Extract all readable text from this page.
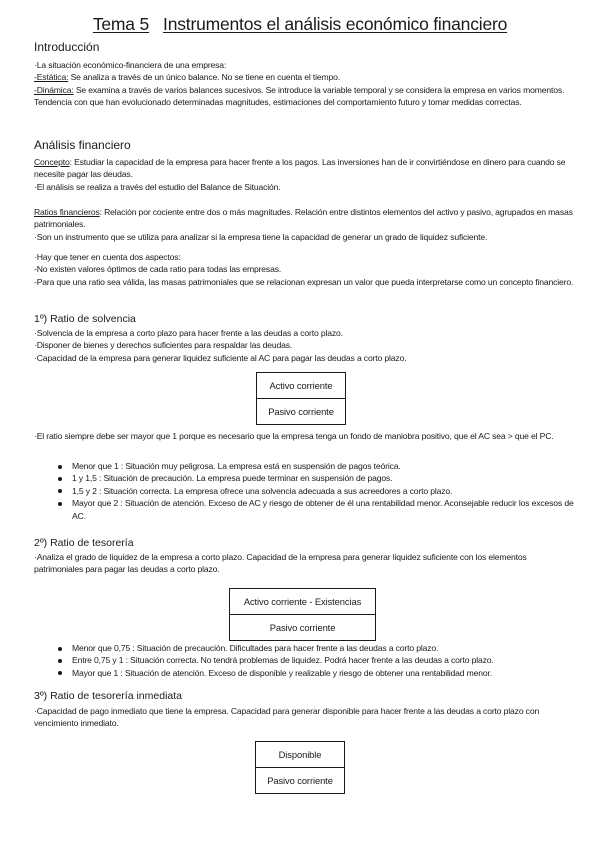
Tema 5 Instrumentos el análisis económico financiero
Introducción
·La situación económico-financiera de una empresa:
-Estática: Se analiza a través de un único balance. No se tiene en cuenta el tiempo.
-Dinámica: Se examina a través de varios balances sucesivos. Se introduce la variable temporal y se considera la empresa en varios momentos. Tendencia con que han evolucionado determinadas magnitudes, estimaciones del comportamiento futuro y tomar medidas correctas.
Análisis financiero
Concepto: Estudiar la capacidad de la empresa para hacer frente a los pagos. Las inversiones han de ir convirtiéndose en dinero para cuando se necesite pagar las deudas.
·El análisis se realiza a través del estudio del Balance de Situación.
Ratios financieros: Relación por cociente entre dos o más magnitudes. Relación entre distintos elementos del activo y pasivo, agrupados en masas patrimoniales.
·Son un instrumento que se utiliza para analizar si la empresa tiene la capacidad de generar un grado de liquidez suficiente.
·Hay que tener en cuenta dos aspectos:
-No existen valores óptimos de cada ratio para todas las empresas.
-Para que una ratio sea válida, las masas patrimoniales que se relacionan expresan un valor que pueda interpretarse como un concepto financiero.
1º) Ratio de solvencia
·Solvencia de la empresa a corto plazo para hacer frente a las deudas a corto plazo.
·Disponer de bienes y derechos suficientes para respaldar las deudas.
·Capacidad de la empresa para generar liquidez suficiente al AC para pagar las deudas a corto plazo.
Activo corriente
Pasivo corriente
·El ratio siempre debe ser mayor que 1 porque es necesario que la empresa tenga un fondo de maniobra positivo, que el AC sea > que el PC.
Menor que 1 : Situación muy peligrosa. La empresa está en suspensión de pagos teórica.
1 y 1,5 : Situación de precaución. La empresa puede terminar en suspensión de pagos.
1,5 y 2 : Situación correcta. La empresa ofrece una solvencia adecuada a sus acreedores a corto plazo.
Mayor que 2 : Situación de atención. Exceso de AC y riesgo de obtener de él una rentabilidad menor. Aconsejable reducir los excesos de AC.
2º) Ratio de tesorería
·Analiza el grado de liquidez de la empresa a corto plazo. Capacidad de la empresa para generar liquidez suficiente con los elementos patrimoniales para pagar las deudas a corto plazo.
Activo corriente - Existencias
Pasivo corriente
Menor que 0,75 : Situación de precaución. Dificultades para hacer frente a las deudas a corto plazo.
Entre 0,75 y 1 : Situación correcta. No tendrá problemas de liquidez. Podrá hacer frente a las deudas a corto plazo.
Mayor que 1 : Situación de atención. Exceso de disponible y realizable y riesgo de obtener una rentabilidad menor.
3º) Ratio de tesorería inmediata
·Capacidad de pago inmediato que tiene la empresa. Capacidad para generar disponible para hacer frente a las deudas a corto plazo con vencimiento inmediato.
Disponible
Pasivo corriente
